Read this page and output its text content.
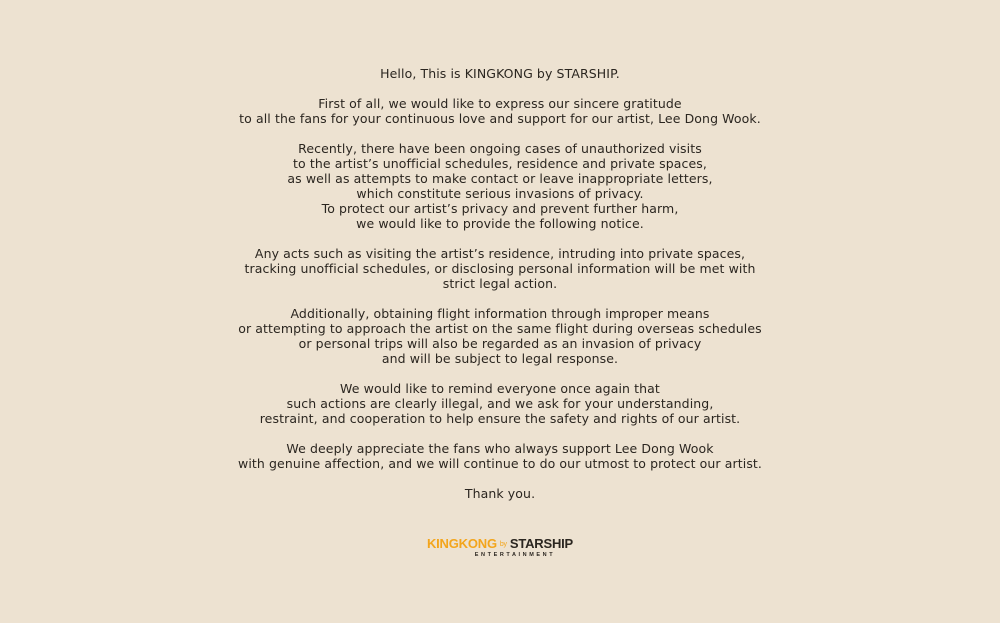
Hello, This is KINGKONG by STARSHIP.
First of all, we would like to express our sincere gratitude
to all the fans for your continuous love and support for our artist, Lee Dong Wook.
Recently, there have been ongoing cases of unauthorized visits
to the artist’s unofficial schedules, residence and private spaces,
as well as attempts to make contact or leave inappropriate letters,
which constitute serious invasions of privacy.
To protect our artist’s privacy and prevent further harm,
we would like to provide the following notice.
Any acts such as visiting the artist’s residence, intruding into private spaces,
tracking unofficial schedules, or disclosing personal information will be met with
strict legal action.
Additionally, obtaining flight information through improper means
or attempting to approach the artist on the same flight during overseas schedules
or personal trips will also be regarded as an invasion of privacy
and will be subject to legal response.
We would like to remind everyone once again that
such actions are clearly illegal, and we ask for your understanding,
restraint, and cooperation to help ensure the safety and rights of our artist.
We deeply appreciate the fans who always support Lee Dong Wook
with genuine affection, and we will continue to do our utmost to protect our artist.
Thank you.
KINGKONG by STARSHIP
ENTERTAINMENT
